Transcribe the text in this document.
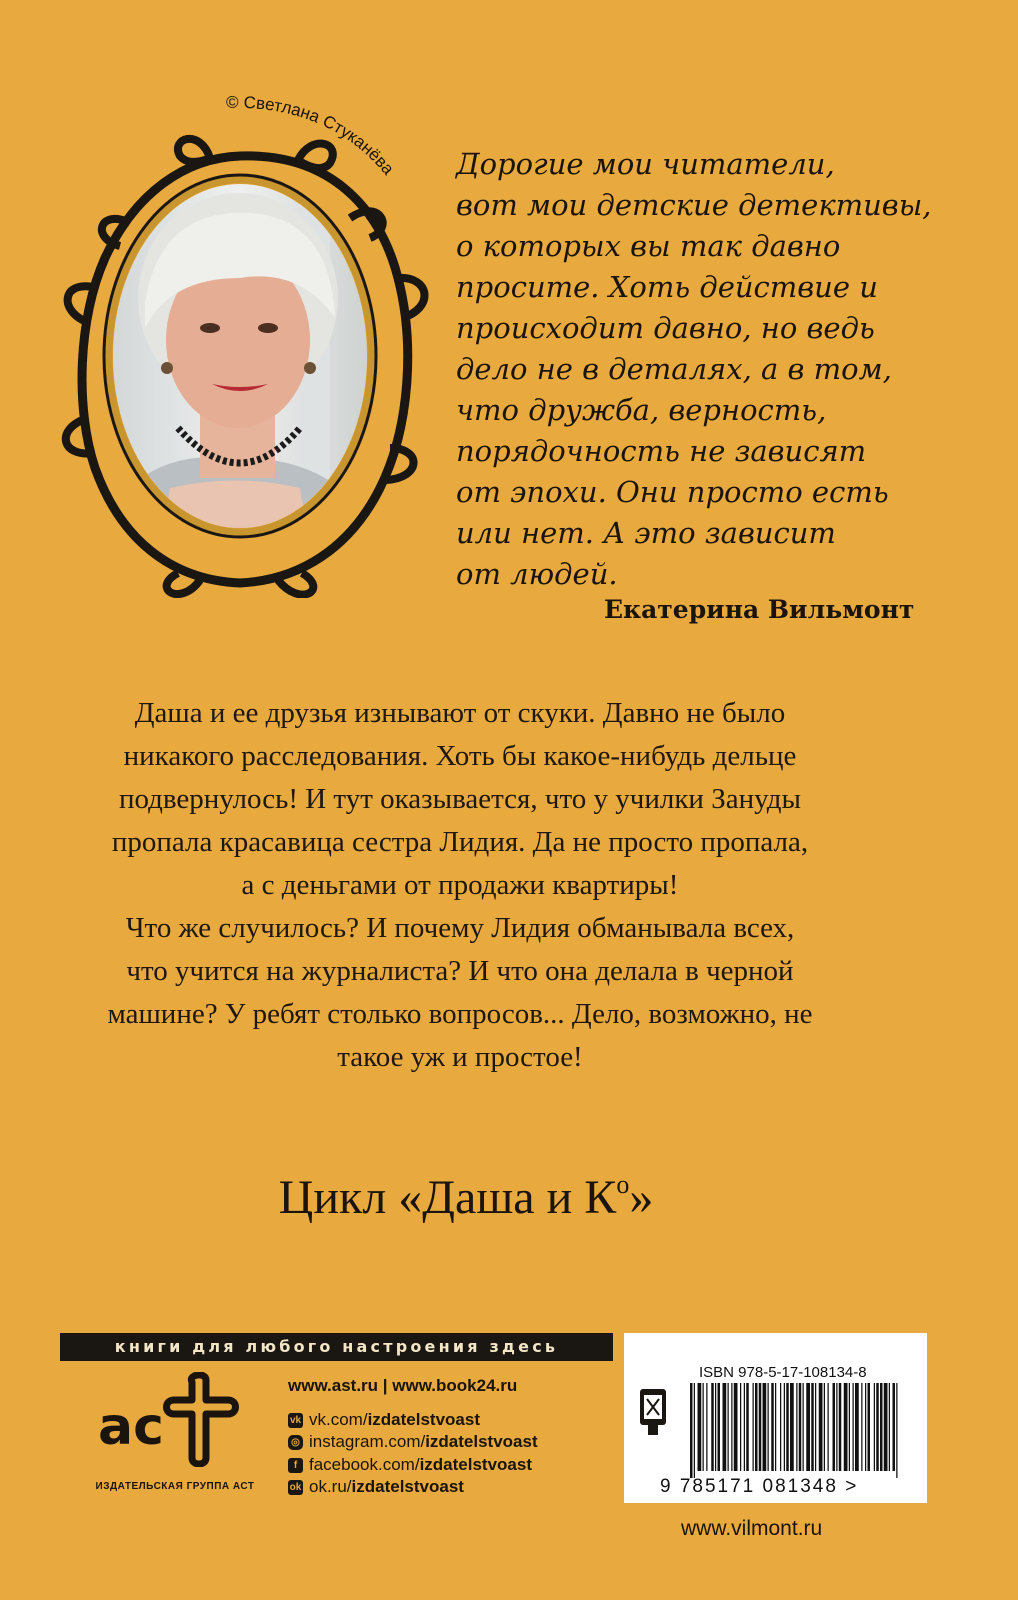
© Светлана Стуканёва Дорогие мои читатели,
вот мои детские детективы,
о которых вы так давно
просите. Хоть действие и
происходит давно, но ведь
дело не в деталях, а в том,
что дружба, верность,
порядочность не зависят
от эпохи. Они просто есть
или нет. А это зависит
от людей.
Екатерина Вильмонт
Даша и ее друзья изнывают от скуки. Давно не было
никакого расследования. Хоть бы какое-нибудь дельце
подвернулось! И тут оказывается, что у училки Зануды
пропала красавица сестра Лидия. Да не просто пропала,
а с деньгами от продажи квартиры!
Что же случилось? И почему Лидия обманывала всех,
что учится на журналиста? И что она делала в черной
машине? У ребят столько вопросов... Дело, возможно, не
такое уж и простое!
Цикл «Даша и $К^о$»
книги для любого настроения здесь
ac
ИЗДАТЕЛЬСКАЯ ГРУППА АСТ
www.ast.ru | www.book24.ru
vk vk.com/ izdatelstvoast
◎ instagram.com/ izdatelstvoast
f facebook.com/ izdatelstvoast
ok ok.ru/ izdatelstvoast
ISBN 978-5-17-108134-8
9 785171 081348 >
www.vilmont.ru
